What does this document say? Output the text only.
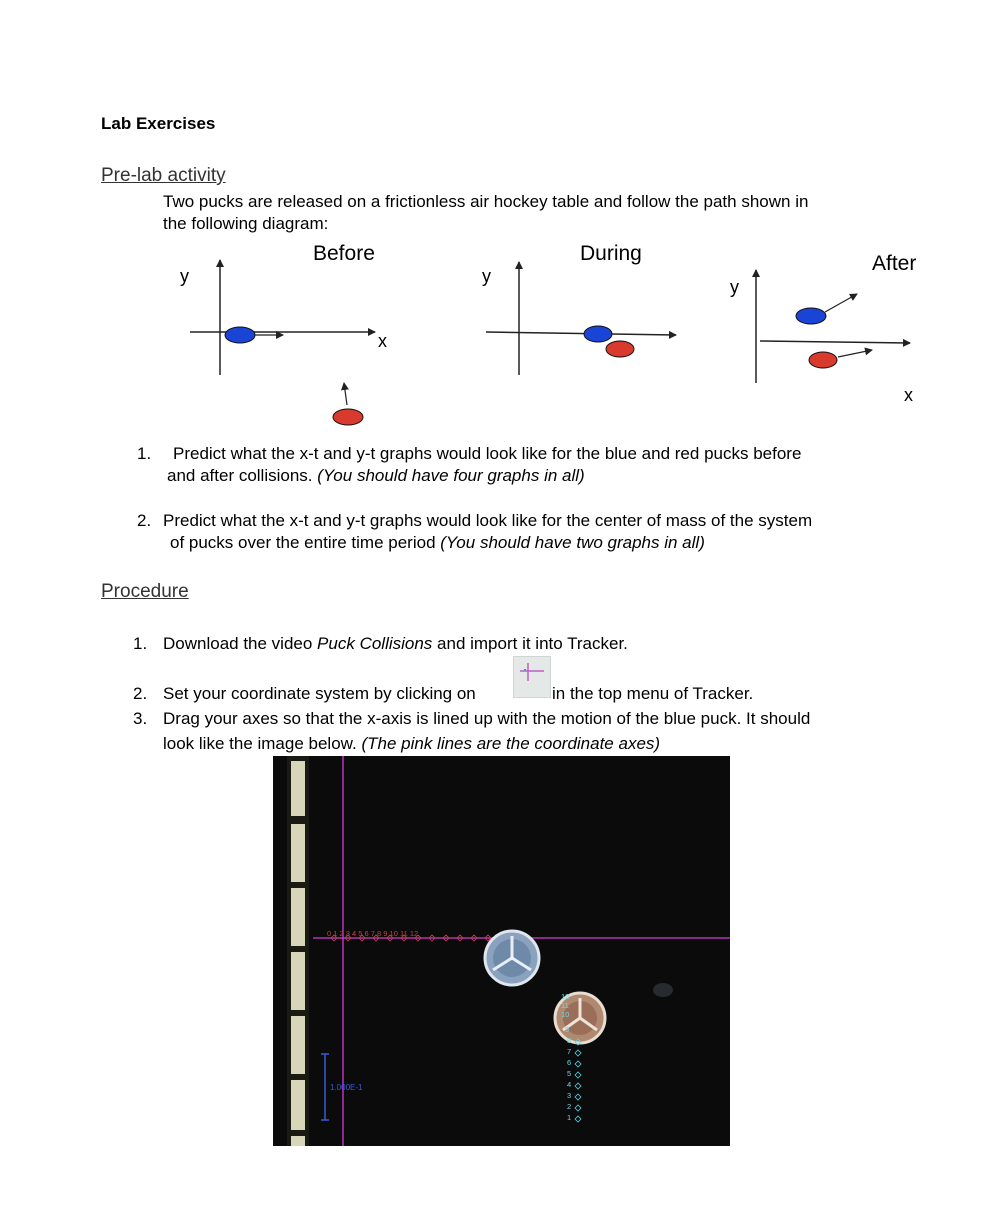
Lab Exercises
Pre-lab activity
Two pucks are released on a frictionless air hockey table and follow the path shown in
the following diagram:
Before
y
x
During
y
After
y
x
1. Predict what the x-t and y-t graphs would look like for the blue and red pucks before
and after collisions. (You should have four graphs in all)
2. Predict what the x-t and y-t graphs would look like for the center of mass of the system
of pucks over the entire time period (You should have two graphs in all)
Procedure
1. Download the video Puck Collisions and import it into Tracker.
2. Set your coordinate system by clicking on	in the top menu of Tracker.
3. Drag your axes so that the x-axis is lined up with the motion of the blue puck. It should
look like the image below. (The pink lines are the coordinate axes)
1.000E-1
0 1 2 3 4 5 6 7 8 9 10 11 12
12
11
10
9
8
7
6
5
4
3
2
1
